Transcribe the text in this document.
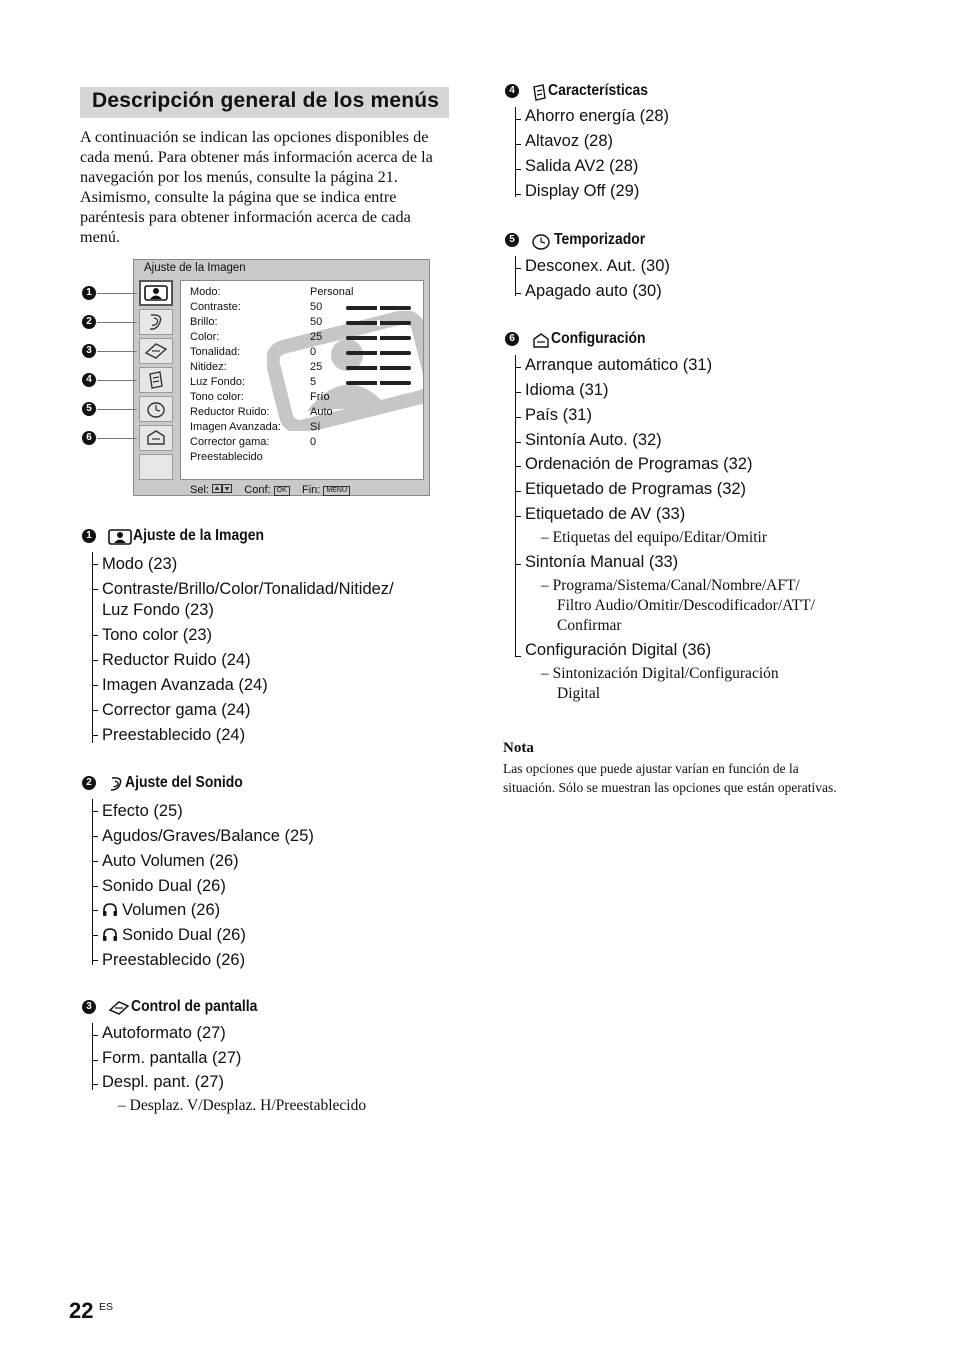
Descripción general de los menús

A continuación se indican las opciones disponibles de cada menú. Para obtener más información acerca de la navegación por los menús, consulte la página 21. Asimismo, consulte la página que se indica entre paréntesis para obtener información acerca de cada menú.

Ajuste de la Imagen
Modo:	Personal
Contraste:	50
Brillo:	50
Color:	25
Tonalidad:	0
Nitidez:	25
Luz Fondo:	5
Tono color:	Frío
Reductor Ruido:	Auto
Imagen Avanzada:	Sí
Corrector gama:	0
Preestablecido
Sel:	Conf: OK Fin: MENU
1
2
3
4
5
6
1	Ajuste de la Imagen
Modo (23)
Contraste/Brillo/Color/Tonalidad/Nitidez/
Luz Fondo (23)
Tono color (23)
Reductor Ruido (24)
Imagen Avanzada (24)
Corrector gama (24)
Preestablecido (24)
2 Ajuste del Sonido
Efecto (25)
Agudos/Graves/Balance (25)
Auto Volumen (26)
Sonido Dual (26)
Volumen (26)
Sonido Dual (26)
Preestablecido (26)
3	Control de pantalla
Autoformato (27)
Form. pantalla (27)
Despl. pant. (27)
– Desplaz. V/Desplaz. H/Preestablecido
4 Características
Ahorro energía (28)
Altavoz (28)
Salida AV2 (28)
Display Off (29)
5	Temporizador
Desconex. Aut. (30)
Apagado auto (30)
6 Configuración
Arranque automático (31)
Idioma (31)
País (31)
Sintonía Auto. (32)
Ordenación de Programas (32)
Etiquetado de Programas (32)
Etiquetado de AV (33)
– Etiquetas del equipo/Editar/Omitir
Sintonía Manual (33)
– Programa/Sistema/Canal/Nombre/AFT/
Filtro Audio/Omitir/Descodificador/ATT/
Confirmar
Configuración Digital (36)
– Sintonización Digital/Configuración
Digital
Nota

Las opciones que puede ajustar varían en función de la situación. Sólo se muestran las opciones que están operativas.

22 ES
